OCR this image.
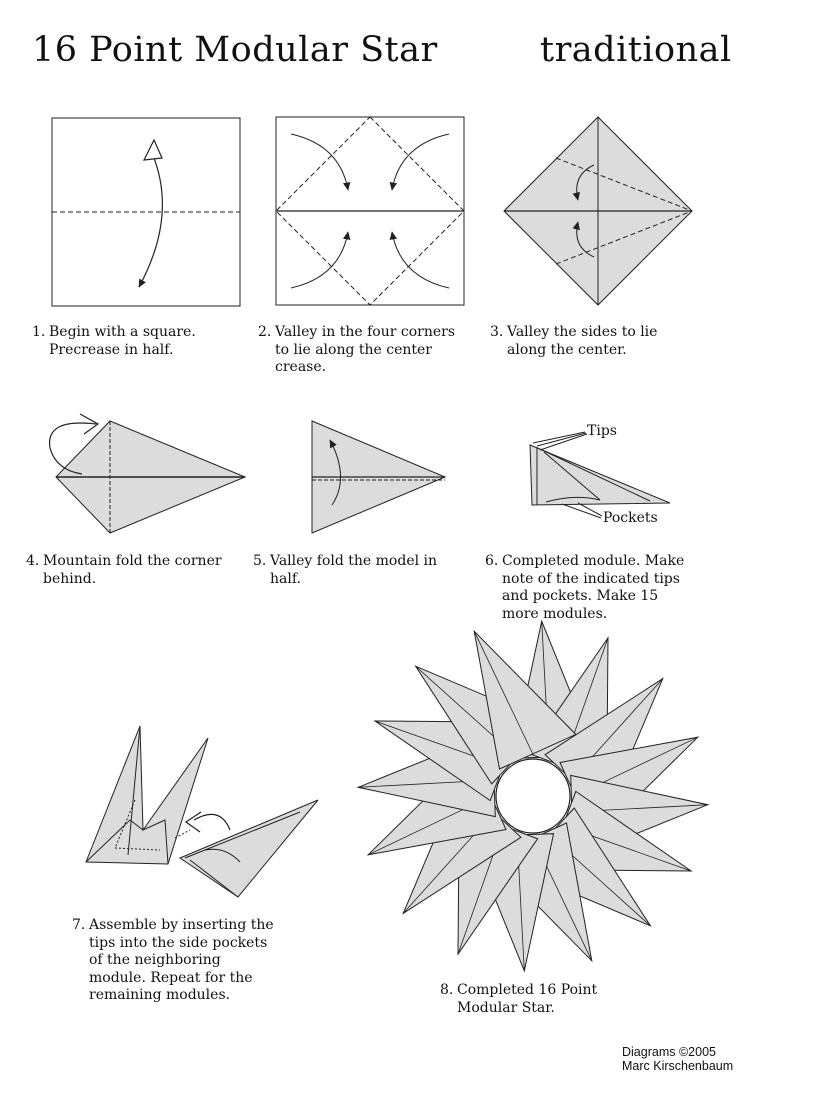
16 Point Modular Star	traditional
1. Begin with a square. Precrease in half.
2. Valley in the four corners to lie along the center crease.
3. Valley the sides to lie along the center.
4. Mountain fold the corner behind.
5. Valley fold the model in half.
6. Completed module. Make note of the indicated tips and pockets. Make 15 more modules.
7. Assemble by inserting the tips into the side pockets of the neighboring module. Repeat for the remaining modules.	8. Completed 16 Point Modular Star.
Tips
Pockets
Diagrams ©2005
Marc Kirschenbaum
